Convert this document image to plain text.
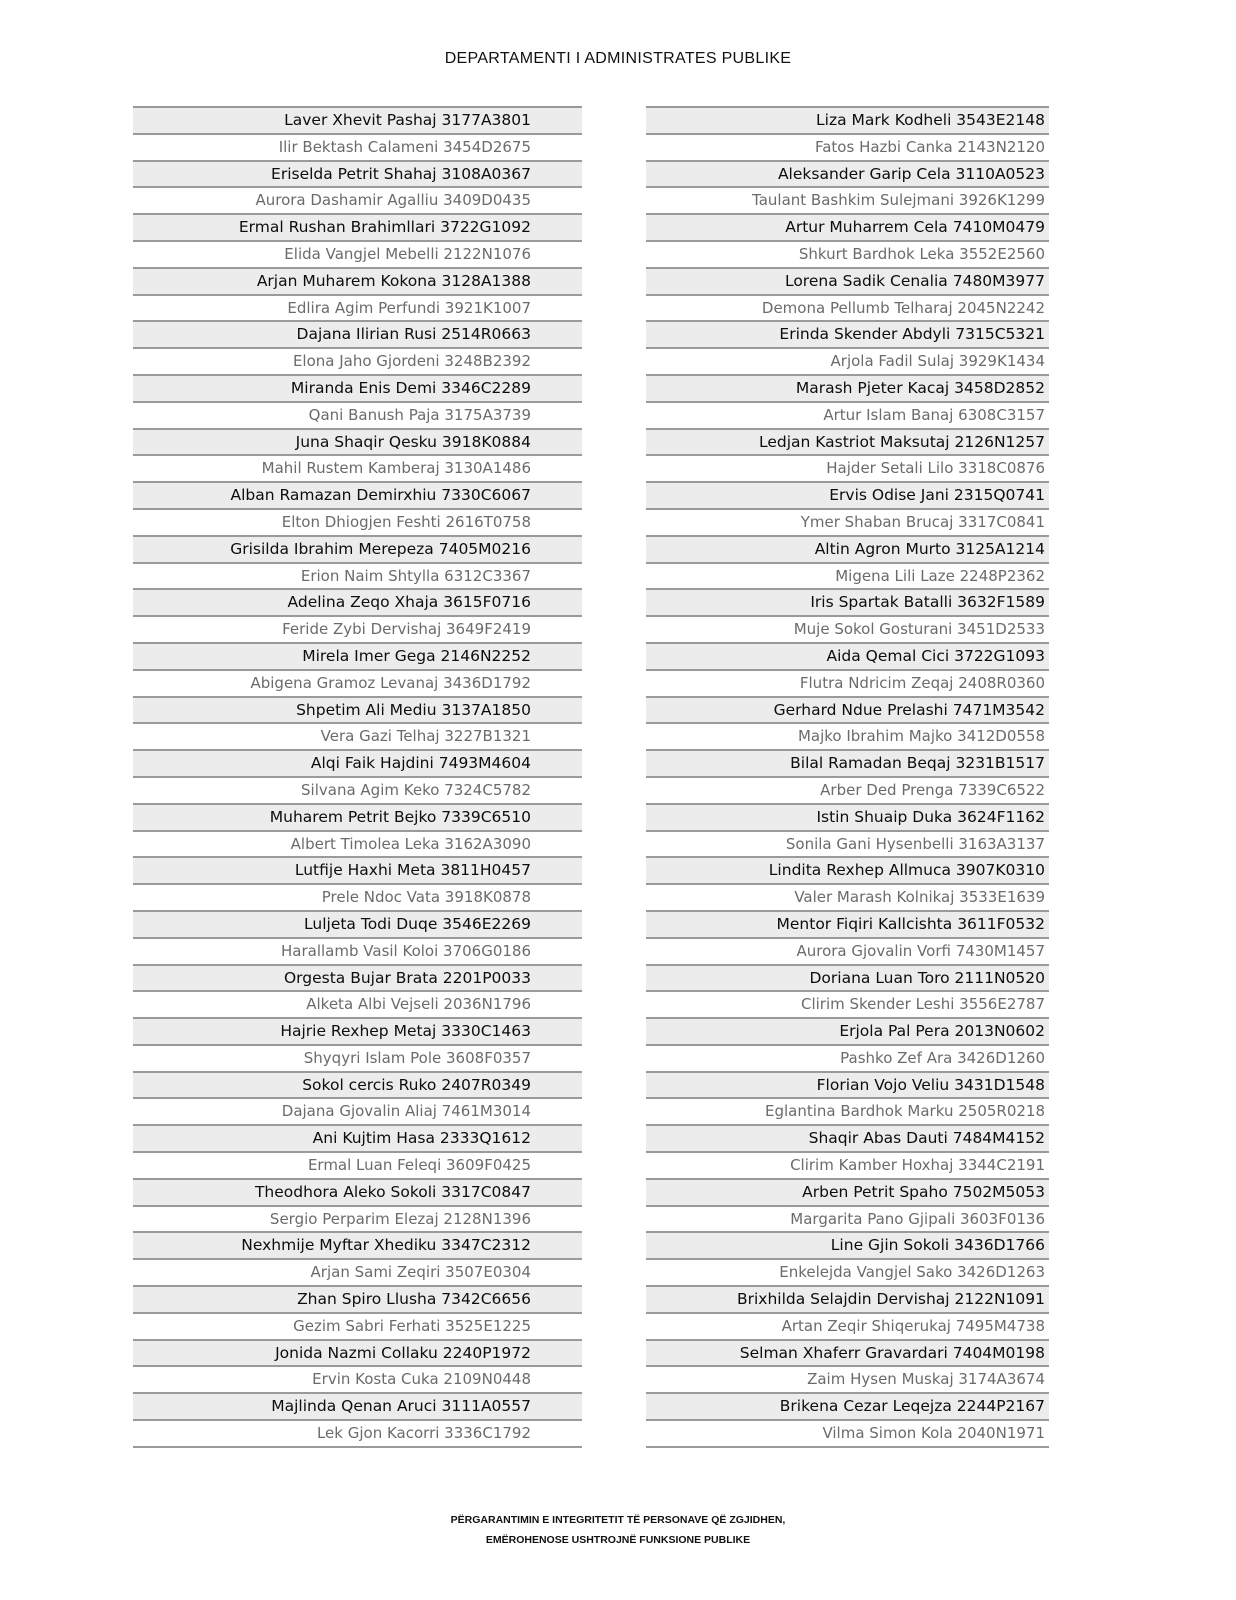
DEPARTAMENTI I ADMINISTRATES PUBLIKE
Laver Xhevit Pashaj 3177A3801
Ilir Bektash Calameni 3454D2675
Eriselda Petrit Shahaj 3108A0367
Aurora Dashamir Agalliu 3409D0435
Ermal Rushan Brahimllari 3722G1092
Elida Vangjel Mebelli 2122N1076
Arjan Muharem Kokona 3128A1388
Edlira Agim Perfundi 3921K1007
Dajana Ilirian Rusi 2514R0663
Elona Jaho Gjordeni 3248B2392
Miranda Enis Demi 3346C2289
Qani Banush Paja 3175A3739
Juna Shaqir Qesku 3918K0884
Mahil Rustem Kamberaj 3130A1486
Alban Ramazan Demirxhiu 7330C6067
Elton Dhiogjen Feshti 2616T0758
Grisilda Ibrahim Merepeza 7405M0216
Erion Naim Shtylla 6312C3367
Adelina Zeqo Xhaja 3615F0716
Feride Zybi Dervishaj 3649F2419
Mirela Imer Gega 2146N2252
Abigena Gramoz Levanaj 3436D1792
Shpetim Ali Mediu 3137A1850
Vera Gazi Telhaj 3227B1321
Alqi Faik Hajdini 7493M4604
Silvana Agim Keko 7324C5782
Muharem Petrit Bejko 7339C6510
Albert Timolea Leka 3162A3090
Lutfije Haxhi Meta 3811H0457
Prele Ndoc Vata 3918K0878
Luljeta Todi Duqe 3546E2269
Harallamb Vasil Koloi 3706G0186
Orgesta Bujar Brata 2201P0033
Alketa Albi Vejseli 2036N1796
Hajrie Rexhep Metaj 3330C1463
Shyqyri Islam Pole 3608F0357
Sokol cercis Ruko 2407R0349
Dajana Gjovalin Aliaj 7461M3014
Ani Kujtim Hasa 2333Q1612
Ermal Luan Feleqi 3609F0425
Theodhora Aleko Sokoli 3317C0847
Sergio Perparim Elezaj 2128N1396
Nexhmije Myftar Xhediku 3347C2312
Arjan Sami Zeqiri 3507E0304
Zhan Spiro Llusha 7342C6656
Gezim Sabri Ferhati 3525E1225
Jonida Nazmi Collaku 2240P1972
Ervin Kosta Cuka 2109N0448
Majlinda Qenan Aruci 3111A0557
Lek Gjon Kacorri 3336C1792
Liza Mark Kodheli 3543E2148
Fatos Hazbi Canka 2143N2120
Aleksander Garip Cela 3110A0523
Taulant Bashkim Sulejmani 3926K1299
Artur Muharrem Cela 7410M0479
Shkurt Bardhok Leka 3552E2560
Lorena Sadik Cenalia 7480M3977
Demona Pellumb Telharaj 2045N2242
Erinda Skender Abdyli 7315C5321
Arjola Fadil Sulaj 3929K1434
Marash Pjeter Kacaj 3458D2852
Artur Islam Banaj 6308C3157
Ledjan Kastriot Maksutaj 2126N1257
Hajder Setali Lilo 3318C0876
Ervis Odise Jani 2315Q0741
Ymer Shaban Brucaj 3317C0841
Altin Agron Murto 3125A1214
Migena Lili Laze 2248P2362
Iris Spartak Batalli 3632F1589
Muje Sokol Gosturani 3451D2533
Aida Qemal Cici 3722G1093
Flutra Ndricim Zeqaj 2408R0360
Gerhard Ndue Prelashi 7471M3542
Majko Ibrahim Majko 3412D0558
Bilal Ramadan Beqaj 3231B1517
Arber Ded Prenga 7339C6522
Istin Shuaip Duka 3624F1162
Sonila Gani Hysenbelli 3163A3137
Lindita Rexhep Allmuca 3907K0310
Valer Marash Kolnikaj 3533E1639
Mentor Fiqiri Kallcishta 3611F0532
Aurora Gjovalin Vorfi 7430M1457
Doriana Luan Toro 2111N0520
Clirim Skender Leshi 3556E2787
Erjola Pal Pera 2013N0602
Pashko Zef Ara 3426D1260
Florian Vojo Veliu 3431D1548
Eglantina Bardhok Marku 2505R0218
Shaqir Abas Dauti 7484M4152
Clirim Kamber Hoxhaj 3344C2191
Arben Petrit Spaho 7502M5053
Margarita Pano Gjipali 3603F0136
Line Gjin Sokoli 3436D1766
Enkelejda Vangjel Sako 3426D1263
Brixhilda Selajdin Dervishaj 2122N1091
Artan Zeqir Shiqerukaj 7495M4738
Selman Xhaferr Gravardari 7404M0198
Zaim Hysen Muskaj 3174A3674
Brikena Cezar Leqejza 2244P2167
Vilma Simon Kola 2040N1971
PËRGARANTIMIN E INTEGRITETIT TË PERSONAVE QË ZGJIDHEN,
EMËROHENOSE USHTROJNË FUNKSIONE PUBLIKE
